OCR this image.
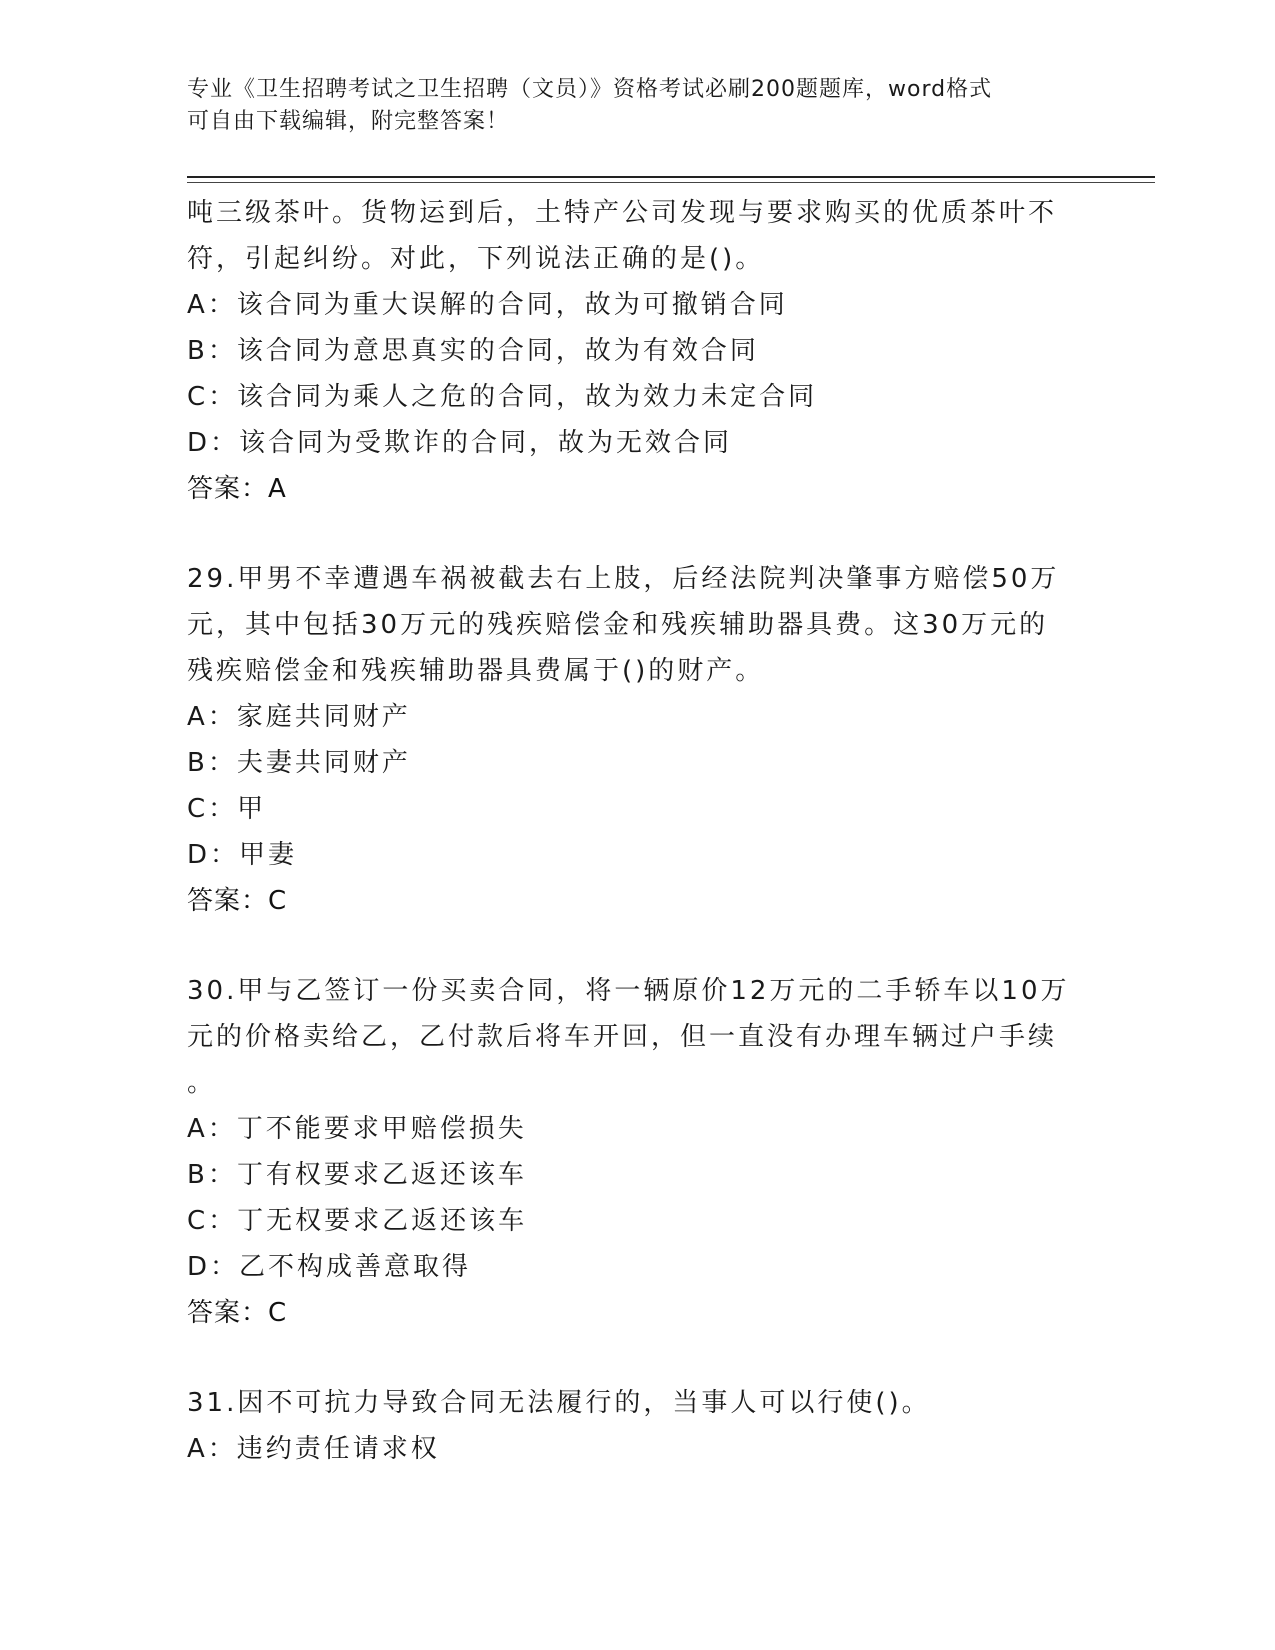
专业《卫生招聘考试之卫生招聘（文员）》资格考试必刷200题题库，word格式
可自由下载编辑，附完整答案！
吨三级茶叶。货物运到后，土特产公司发现与要求购买的优质茶叶不
符，引起纠纷。对此，下列说法正确的是()。
A：该合同为重大误解的合同，故为可撤销合同
B：该合同为意思真实的合同，故为有效合同
C：该合同为乘人之危的合同，故为效力未定合同
D：该合同为受欺诈的合同，故为无效合同
答案：A
29.甲男不幸遭遇车祸被截去右上肢，后经法院判决肇事方赔偿50万
元，其中包括30万元的残疾赔偿金和残疾辅助器具费。这30万元的
残疾赔偿金和残疾辅助器具费属于()的财产。
A：家庭共同财产
B：夫妻共同财产
C：甲
D：甲妻
答案：C
30.甲与乙签订一份买卖合同，将一辆原价12万元的二手轿车以10万
元的价格卖给乙，乙付款后将车开回，但一直没有办理车辆过户手续
。
A：丁不能要求甲赔偿损失
B：丁有权要求乙返还该车
C：丁无权要求乙返还该车
D：乙不构成善意取得
答案：C
31.因不可抗力导致合同无法履行的，当事人可以行使()。
A：违约责任请求权
